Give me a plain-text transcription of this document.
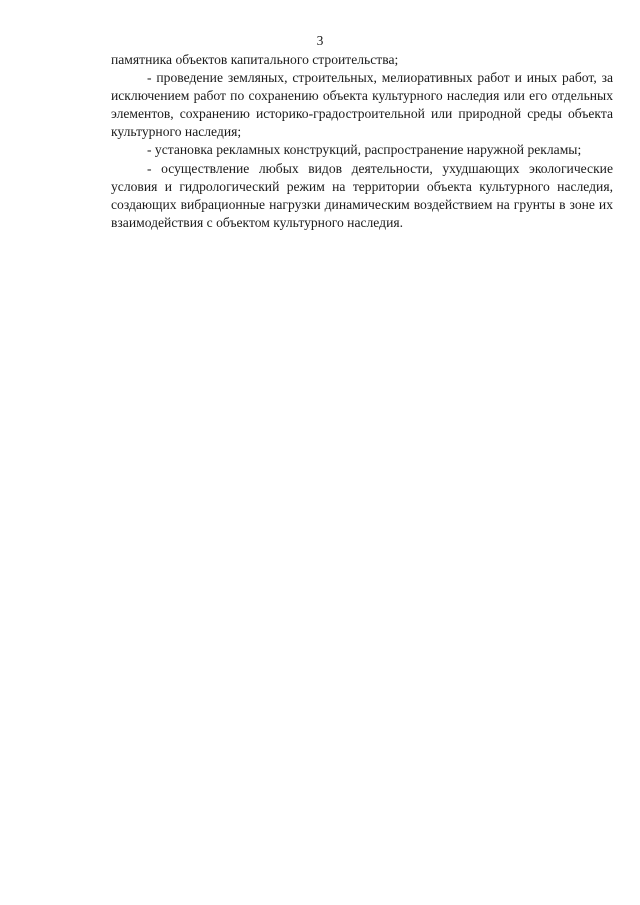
3

памятника объектов капитального строительства;

- проведение земляных, строительных, мелиоративных работ и иных работ, за исключением работ по сохранению объекта культурного наследия или его отдельных элементов, сохранению историко-градостроительной или природной среды объекта культурного наследия;

- установка рекламных конструкций, распространение наружной рекламы;

- осуществление любых видов деятельности, ухудшающих экологические условия и гидрологический режим на территории объекта культурного наследия, создающих вибрационные нагрузки динамическим воздействием на грунты в зоне их взаимодействия с объектом культурного наследия.
